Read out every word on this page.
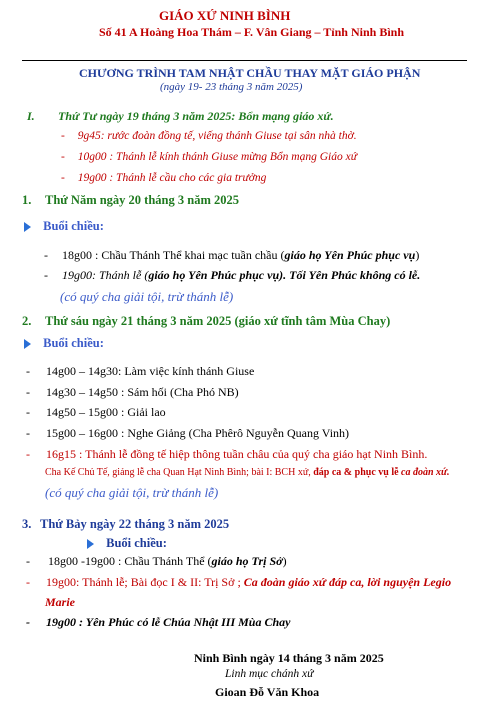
GIÁO XỨ NINH BÌNH
Số 41 A Hoàng Hoa Thám – F. Vân Giang – Tỉnh Ninh Bình
CHƯƠNG TRÌNH TAM NHẬT CHẦU THAY MẶT GIÁO PHẬN
(ngày 19- 23 tháng 3 năm 2025)
I. Thứ Tư ngày 19 tháng 3 năm 2025: Bổn mạng giáo xứ.
- 9g45: rước đoàn đồng tế, viếng thánh Giuse tại sân nhà thờ.
- 10g00 : Thánh lễ kính thánh Giuse mừng Bổn mạng Giáo xứ
- 19g00 : Thánh lễ cầu cho các gia trưởng
1. Thứ Năm ngày 20 tháng 3 năm 2025
Buổi chiều:
- 18g00 : Chầu Thánh Thể khai mạc tuần chầu (giáo họ Yên Phúc phục vụ)
- 19g00: Thánh lễ (giáo họ Yên Phúc phục vụ). Tối Yên Phúc không có lễ.
(có quý cha giải tội, trừ thánh lễ)
2. Thứ sáu ngày 21 tháng 3 năm 2025 (giáo xứ tĩnh tâm Mùa Chay)
Buổi chiều:
- 14g00 – 14g30: Làm việc kính thánh Giuse
- 14g30 – 14g50 : Sám hối (Cha Phó NB)
- 14g50 – 15g00 : Giải lao
- 15g00 – 16g00 : Nghe Giảng (Cha Phêrô Nguyễn Quang Vinh)
- 16g15 : Thánh lễ đồng tế hiệp thông tuần châu của quý cha giáo hạt Ninh Bình.
Cha Kế Chủ Tế, giảng lễ cha Quan Hạt Ninh Bình; bài I: BCH xứ, đáp ca & phục vụ lễ ca đoàn xứ.
(có quý cha giải tội, trừ thánh lễ)
3. Thứ Bảy ngày 22 tháng 3 năm 2025
Buổi chiều:
- 18g00 -19g00 : Chầu Thánh Thể (giáo họ Trị Sở)
- 19g00: Thánh lễ; Bài đọc I & II: Trị Sở ; Ca đoàn giáo xứ đáp ca, lời nguyện Legio
Marie
- 19g00 : Yên Phúc có lễ Chúa Nhật III Mùa Chay
Ninh Bình ngày 14 tháng 3 năm 2025
Linh mục chánh xứ
Gioan Đỗ Văn Khoa
